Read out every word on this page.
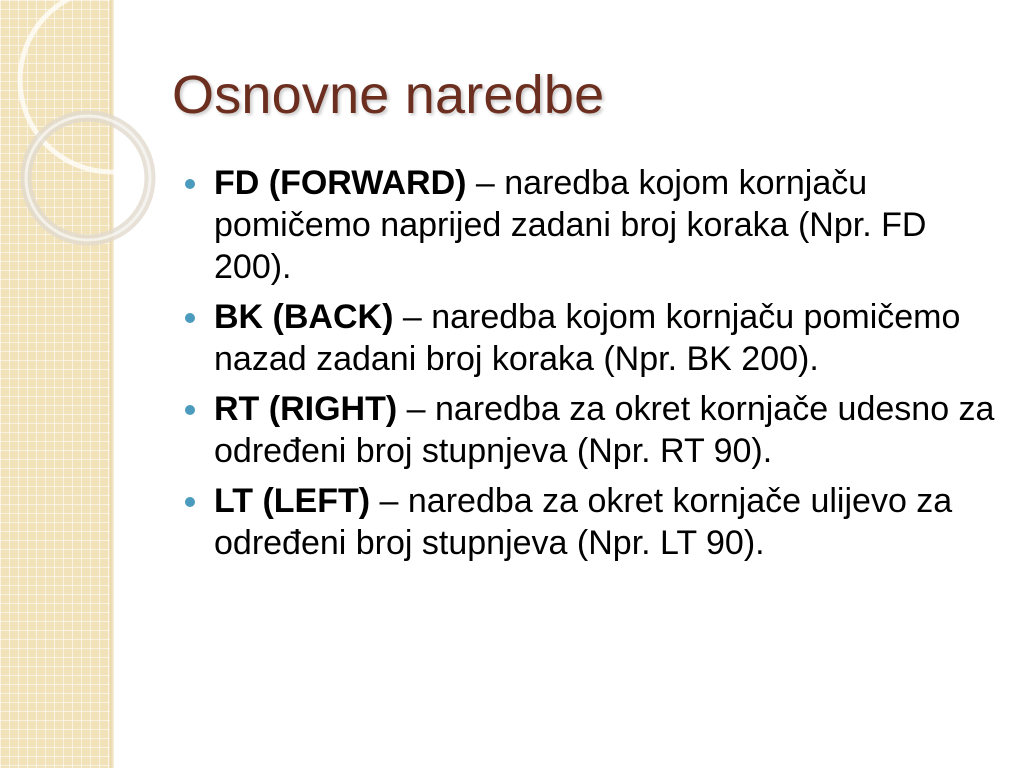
Osnovne naredbe
FD (FORWARD) – naredba kojom kornjaču pomičemo naprijed zadani broj koraka (Npr. FD 200).
BK (BACK) – naredba kojom kornjaču pomičemo nazad zadani broj koraka (Npr. BK 200).
RT (RIGHT) – naredba za okret kornjače udesno za određeni broj stupnjeva (Npr. RT 90).
LT (LEFT) – naredba za okret kornjače ulijevo za određeni broj stupnjeva (Npr. LT 90).
